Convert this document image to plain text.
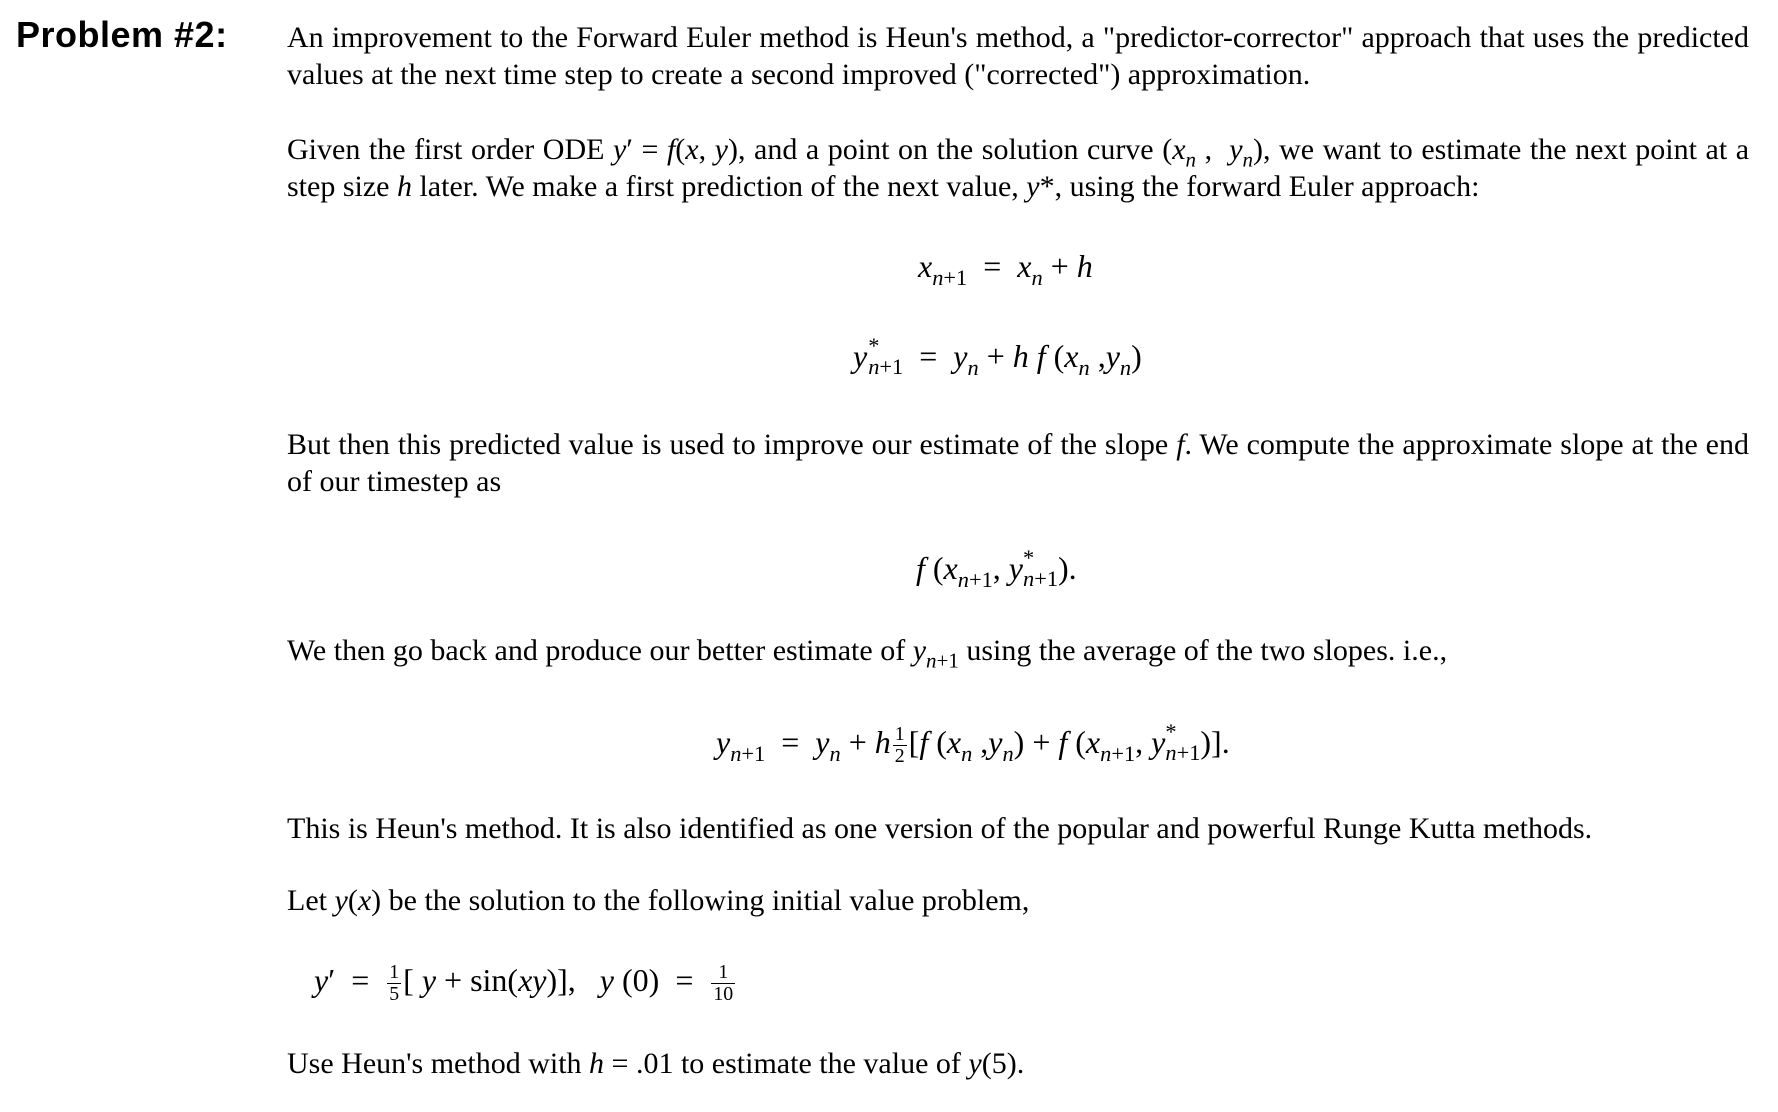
Problem #2: An improvement to the Forward Euler method is Heun's method, a "predictor-corrector" approach that uses the predicted values at the next time step to create a second improved ("corrected") approximation.
Given the first order ODE y′ = f(x, y), and a point on the solution curve ($x_n$ ,  $y_n$), we want to estimate the next point at a step size h later. We make a first prediction of the next value, y*, using the forward Euler approach:
$x_{n+1} = x_n + h$
y *
$n+1 = y_n + h$ f ($x_n$ $,y_n$)
But then this predicted value is used to improve our estimate of the slope f. We compute the approximate slope at the end of our timestep as
f ($x_{n+1}$, y *
n+1 ).
We then go back and produce our better estimate of $y_{n+1}$ using the average of the two slopes. i.e.,
$y_{n+1} = y_n + h \frac{1}{2} [f$ ($x_n$ $,y_n) + f$ ($x_{n+1}$, y *
n+1 )].
This is Heun's method. It is also identified as one version of the popular and powerful Runge Kutta methods.
Let y(x) be the solution to the following initial value problem,
$y' = \frac{1}{5}$ [ y + sin(xy)],   y $(0) = \frac{1}{10}$
Use Heun's method with h = .01 to estimate the value of y(5).
